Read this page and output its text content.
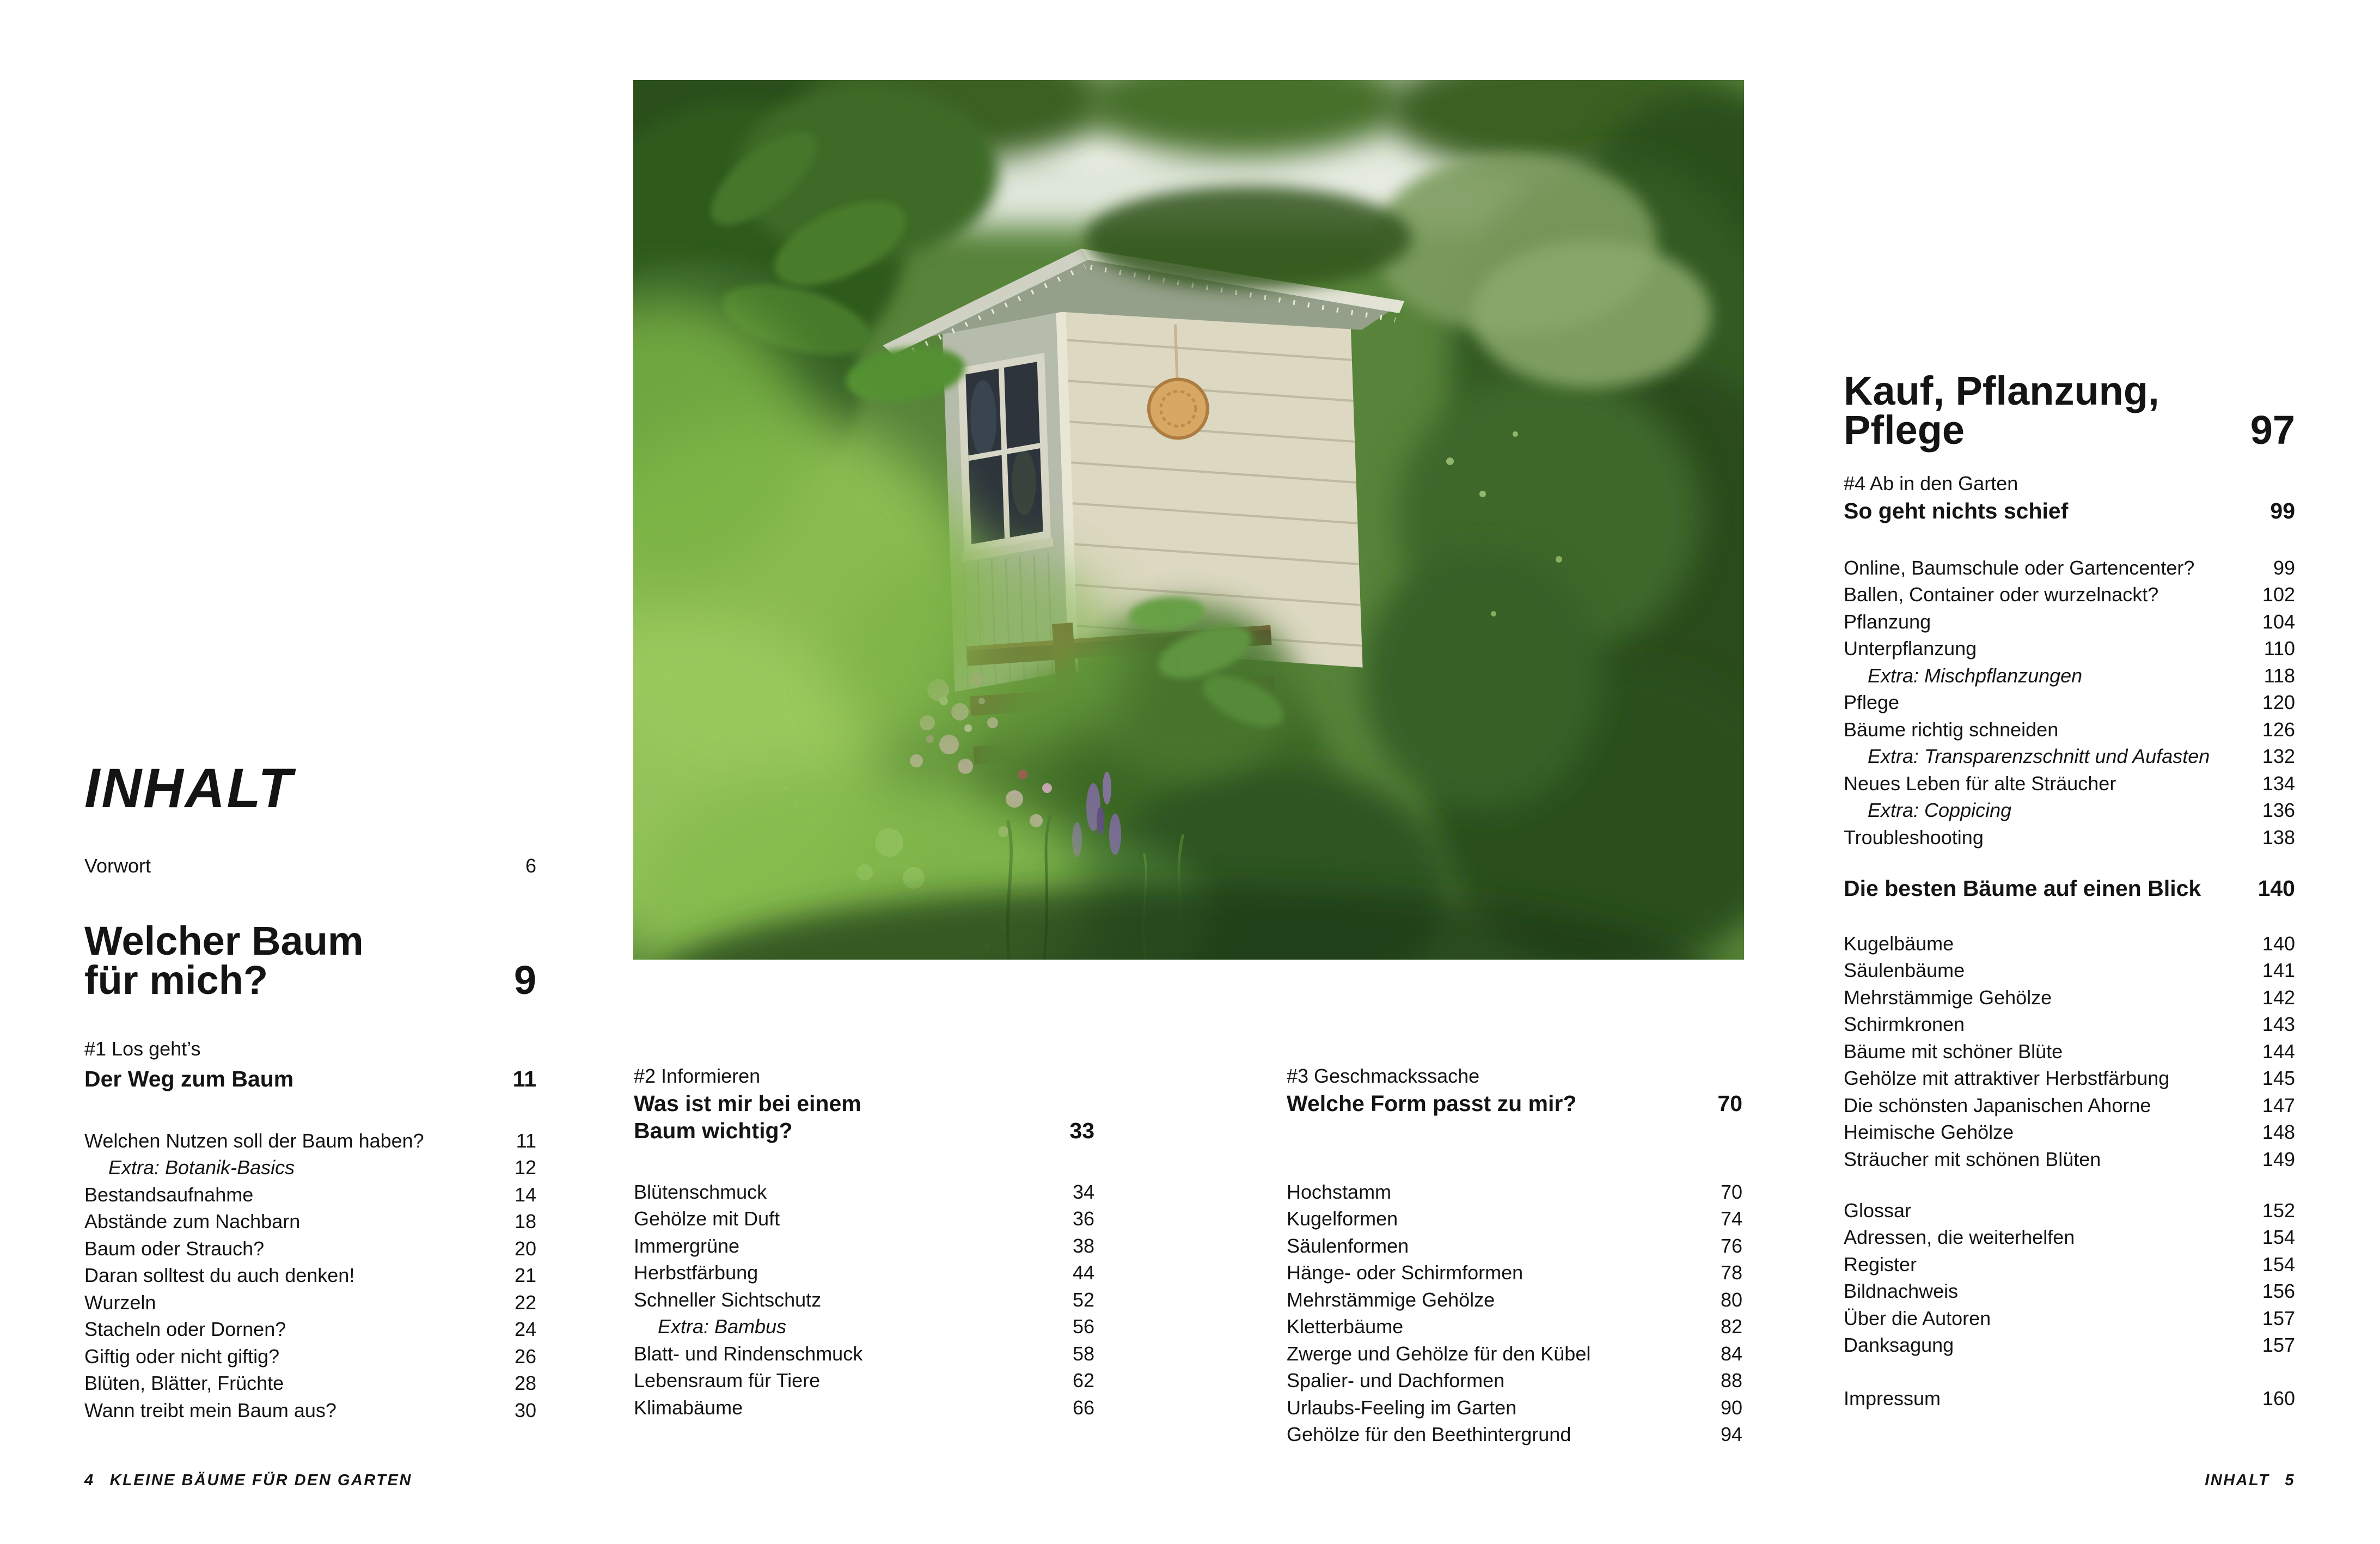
INHALT
Vorwort	6
Welcher Baum
für mich?	9
#1 Los geht’s
Der Weg zum Baum	11
Welchen Nutzen soll der Baum haben?	11
Extra: Botanik-Basics	12
Bestandsaufnahme	14
Abstände zum Nachbarn	18
Baum oder Strauch?	20
Daran solltest du auch denken!	21
Wurzeln	22
Stacheln oder Dornen?	24
Giftig oder nicht giftig?	26
Blüten, Blätter, Früchte	28
Wann treibt mein Baum aus?	30
#2 Informieren
Was ist mir bei einem
Baum wichtig?	33
Blütenschmuck	34
Gehölze mit Duft	36
Immergrüne	38
Herbstfärbung	44
Schneller Sichtschutz	52
Extra: Bambus	56
Blatt- und Rindenschmuck	58
Lebensraum für Tiere	62
Klimabäume	66
#3 Geschmackssache
Welche Form passt zu mir?	70
Hochstamm	70
Kugelformen	74
Säulenformen	76
Hänge- oder Schirmformen	78
Mehrstämmige Gehölze	80
Kletterbäume	82
Zwerge und Gehölze für den Kübel	84
Spalier- und Dachformen	88
Urlaubs-Feeling im Garten	90
Gehölze für den Beethintergrund	94
Kauf, Pflanzung,
Pflege	97
#4 Ab in den Garten
So geht nichts schief	99
Online, Baumschule oder Gartencenter?	99
Ballen, Container oder wurzelnackt?	102
Pflanzung	104
Unterpflanzung	110
Extra: Mischpflanzungen	118
Pflege	120
Bäume richtig schneiden	126
Extra: Transparenzschnitt und Aufasten	132
Neues Leben für alte Sträucher	134
Extra: Coppicing	136
Troubleshooting	138
Die besten Bäume auf einen Blick	140
Kugelbäume	140
Säulenbäume	141
Mehrstämmige Gehölze	142
Schirmkronen	143
Bäume mit schöner Blüte	144
Gehölze mit attraktiver Herbstfärbung	145
Die schönsten Japanischen Ahorne	147
Heimische Gehölze	148
Sträucher mit schönen Blüten	149
Glossar	152
Adressen, die weiterhelfen	154
Register	154
Bildnachweis	156
Über die Autoren	157
Danksagung	157
Impressum	160
4 KLEINE BÄUME FÜR DEN GARTEN	INHALT 5
